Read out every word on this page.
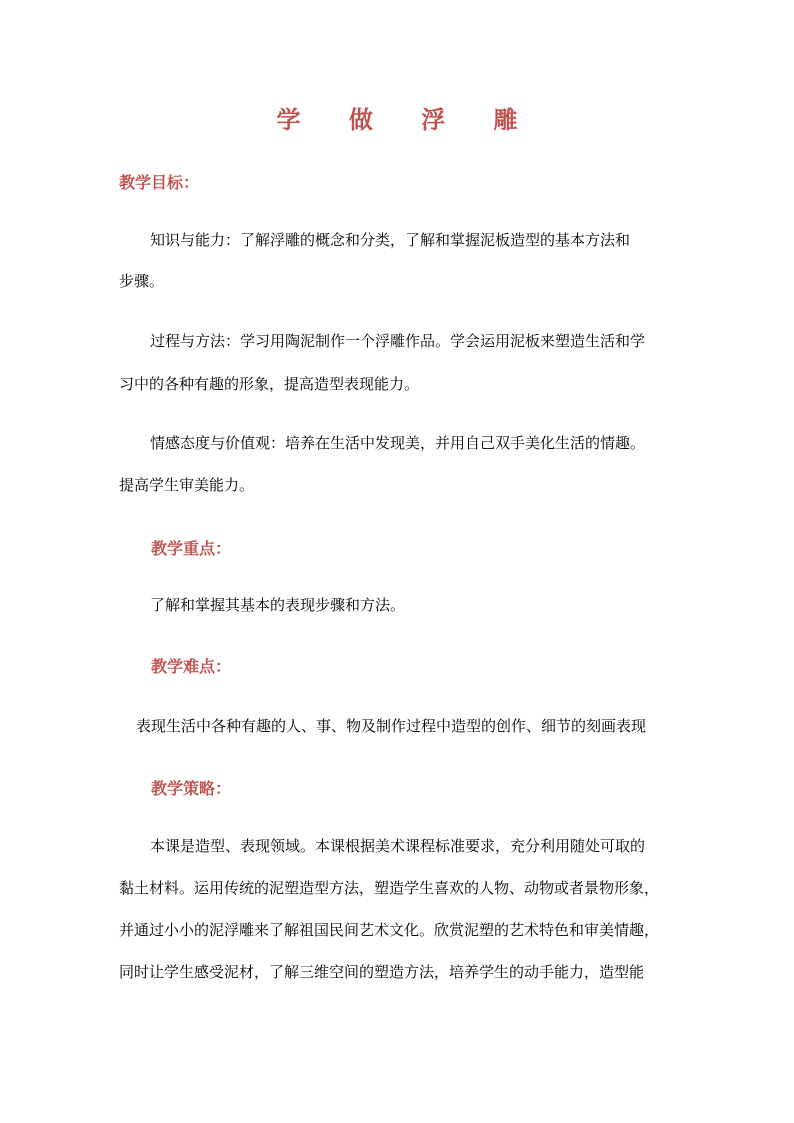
学 做 浮 雕
教学目标：
知识与能力：了解浮雕的概念和分类，了解和掌握泥板造型的基本方法和
步骤。
过程与方法：学习用陶泥制作一个浮雕作品。学会运用泥板来塑造生活和学
习中的各种有趣的形象，提高造型表现能力。
情感态度与价值观：培养在生活中发现美，并用自己双手美化生活的情趣。
提高学生审美能力。
教学重点：
了解和掌握其基本的表现步骤和方法。
教学难点：
表现生活中各种有趣的人、事、物及制作过程中造型的创作、细节的刻画表现
教学策略：
本课是造型、表现领域。本课根据美术课程标准要求，充分利用随处可取的
黏土材料。运用传统的泥塑造型方法，塑造学生喜欢的人物、动物或者景物形象，
并通过小小的泥浮雕来了解祖国民间艺术文化。欣赏泥塑的艺术特色和审美情趣，
同时让学生感受泥材，了解三维空间的塑造方法，培养学生的动手能力，造型能
